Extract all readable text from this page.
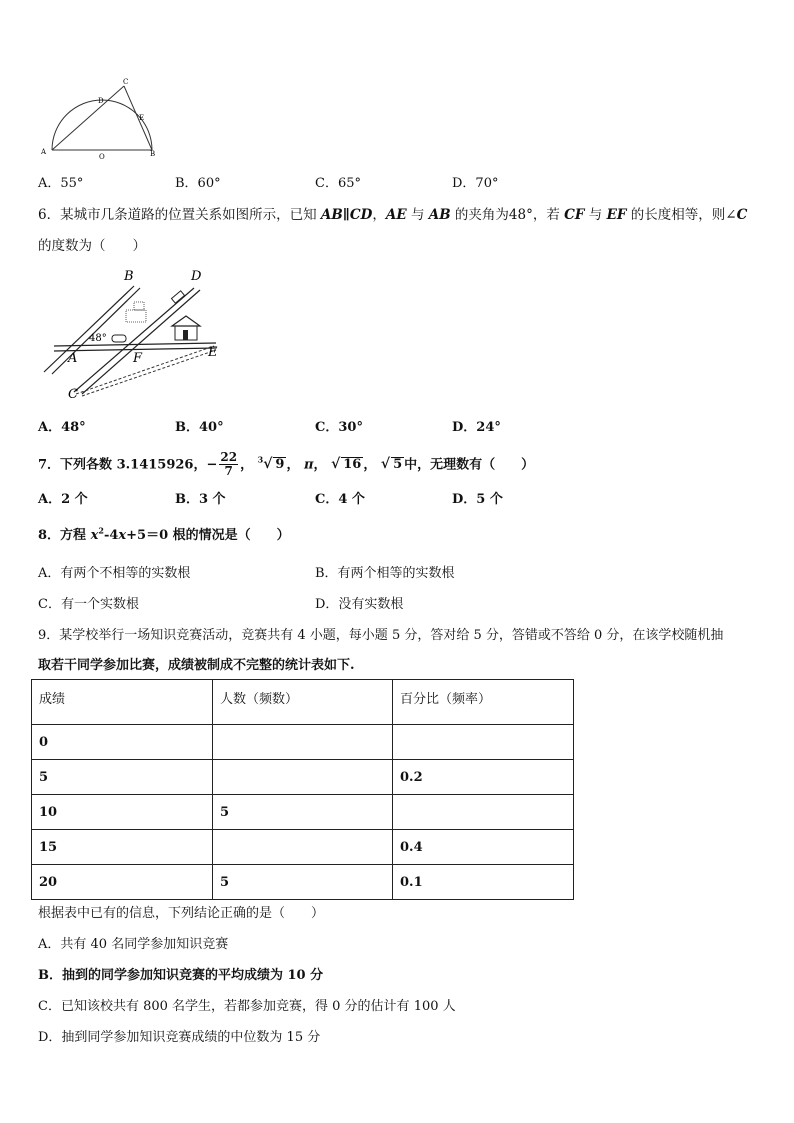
A
O	B
C
D
E
A．55°	B．60°	C．65°	D．70°
6．某城市几条道路的位置关系如图所示，已知 AB∥CD，AE 与 AB 的夹角为48°，若 CF 与 EF 的长度相等，则∠C 的度数为（　　）
B	D
A	F	E
C
48°
A．48°	B．40°	C．30°	D．24°
7．下列各数 3.1415926，− $\frac{22}{7}$ ， $^3$√ 9 ， π， √ 16 ， √ 5 中，无理数有（　　）
A．2 个	B．3 个	C．4 个	D．5 个
8．方程 $x^2-4x+5=0$ 根的情况是（　　）
A．有两个不相等的实数根	B．有两个相等的实数根
C．有一个实数根	D．没有实数根
9．某学校举行一场知识竞赛活动，竞赛共有 4 小题，每小题 5 分，答对给 5 分，答错或不答给 0 分，在该学校随机抽
取若干同学参加比赛，成绩被制成不完整的统计表如下.
成绩	人数（频数）	百分比（频率）
0		
5		0.2
10	5	
15		0.4
20	5	0.1
根据表中已有的信息，下列结论正确的是（　　）
A．共有 40 名同学参加知识竞赛
B．抽到的同学参加知识竞赛的平均成绩为 10 分
C．已知该校共有 800 名学生，若都参加竞赛，得 0 分的估计有 100 人
D．抽到同学参加知识竞赛成绩的中位数为 15 分
